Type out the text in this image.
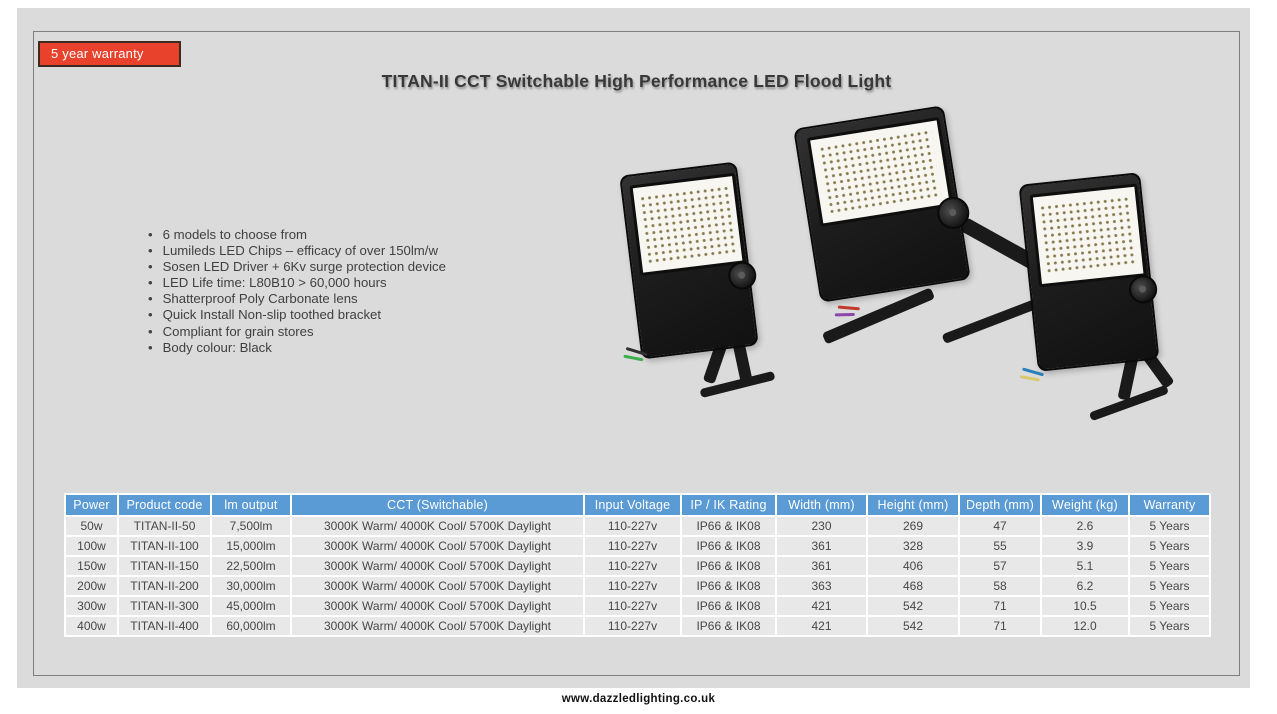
5 year warranty
TITAN-II CCT Switchable High Performance LED Flood Light
• 6 models to choose from
• Lumileds LED Chips – efficacy of over 150lm/w
• Sosen LED Driver + 6Kv surge protection device
• LED Life time: L80B10 > 60,000 hours
• Shatterproof Poly Carbonate lens
• Quick Install Non-slip toothed bracket
• Compliant for grain stores
• Body colour: Black
Power	Product code	lm output	CCT (Switchable)	Input Voltage	IP / IK Rating	Width (mm)	Height (mm)	Depth (mm)	Weight (kg)	Warranty
50w	TITAN-II-50	7,500lm	3000K Warm/ 4000K Cool/ 5700K Daylight	110-227v	IP66 & IK08	230	269	47	2.6	5 Years
100w	TITAN-II-100	15,000lm	3000K Warm/ 4000K Cool/ 5700K Daylight	110-227v	IP66 & IK08	361	328	55	3.9	5 Years
150w	TITAN-II-150	22,500lm	3000K Warm/ 4000K Cool/ 5700K Daylight	110-227v	IP66 & IK08	361	406	57	5.1	5 Years
200w	TITAN-II-200	30,000lm	3000K Warm/ 4000K Cool/ 5700K Daylight	110-227v	IP66 & IK08	363	468	58	6.2	5 Years
300w	TITAN-II-300	45,000lm	3000K Warm/ 4000K Cool/ 5700K Daylight	110-227v	IP66 & IK08	421	542	71	10.5	5 Years
400w	TITAN-II-400	60,000lm	3000K Warm/ 4000K Cool/ 5700K Daylight	110-227v	IP66 & IK08	421	542	71	12.0	5 Years
www.dazzledlighting.co.uk
